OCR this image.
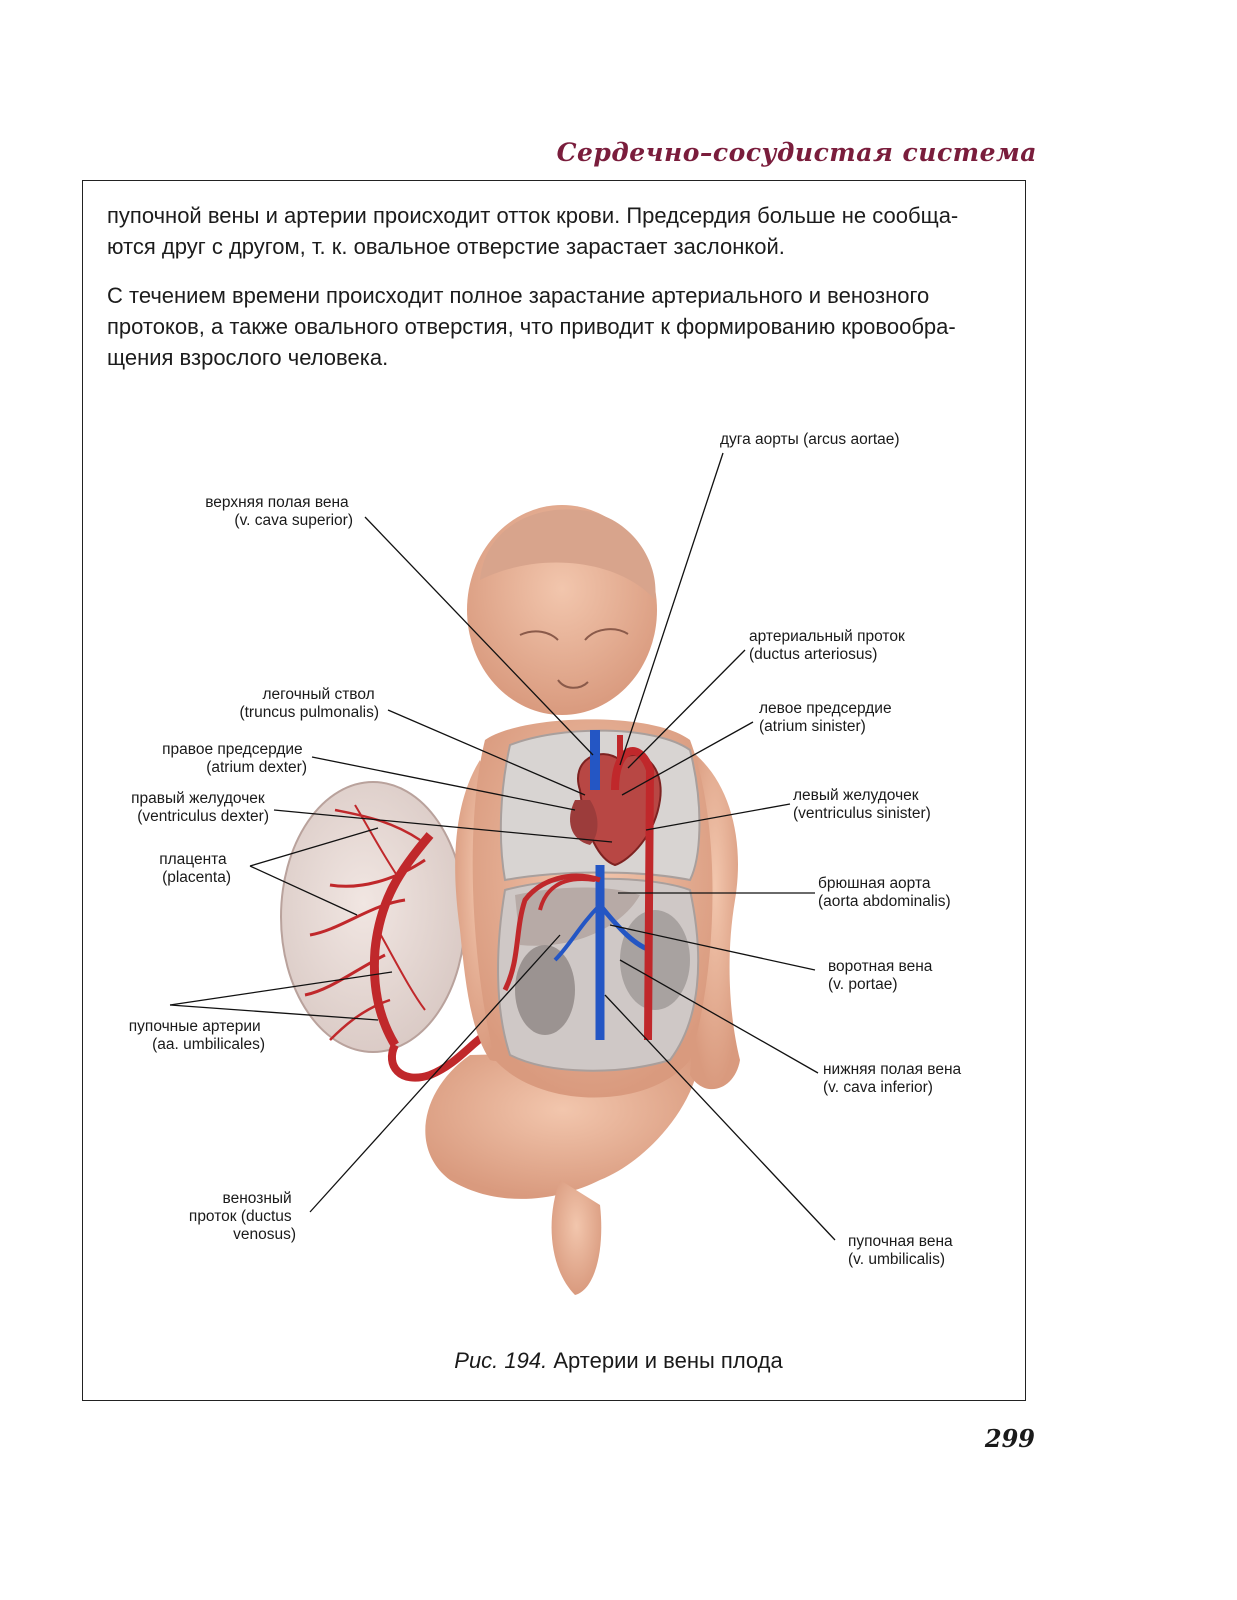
Сердечно–сосудистая система

пупочной вены и артерии происходит отток крови. Предсердия больше не сообща-

ются друг с другом, т. к. овальное отверстие зарастает заслонкой.

С течением времени происходит полное зарастание артериального и венозного

протоков, а также овального отверстия, что приводит к формированию кровообра-

щения взрослого человека.

дуга аорты (arcus aortae)
верхняя полая вена (v. cava superior)
артериальный проток (ductus arteriosus)
легочный ствол (truncus pulmonalis)	левое предсердие (atrium sinister)
правое предсердие (atrium dexter)
правый желудочек (ventriculus dexter)
левый желудочек (ventriculus sinister)
плацента (placenta)	брюшная аорта (aorta abdominalis)
воротная вена (v. portae)
пупочные артерии (aa. umbilicales)
нижняя полая вена (v. cava inferior)
венозный проток (ductus venosus)	пупочная вена (v. umbilicalis)
Рис. 194. Артерии и вены плода
299
